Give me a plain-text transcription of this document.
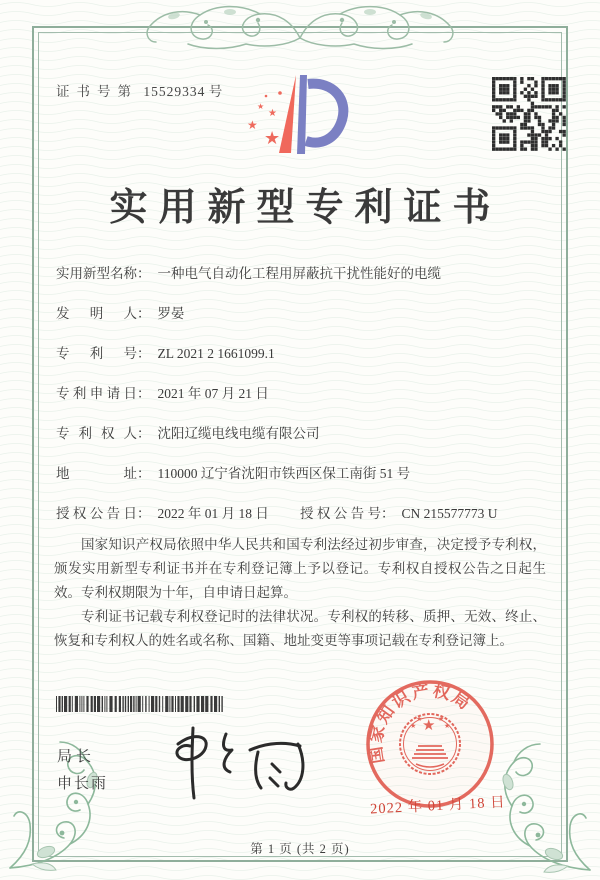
证书号第 15529334 号
★
★
★
★
实用新型专利证书
实用新型名称： 一种电气自动化工程用屏蔽抗干扰性能好的电缆
发明人： 罗晏
专利号： ZL 2021 2 1661099.1
专利申请日： 2021 年 07 月 21 日
专利权人： 沈阳辽缆电线电缆有限公司
地址： 110000 辽宁省沈阳市铁西区保工南街 51 号
授权公告日： 2022 年 01 月 18 日 授权公告号： CN 215577773 U

国家知识产权局依照中华人民共和国专利法经过初步审查，决定授予专利权，颁发实用新型专利证书并在专利登记簿上予以登记。专利权自授权公告之日起生效。专利权期限为十年，自申请日起算。

专利证书记载专利权登记时的法律状况。专利权的转移、质押、无效、终止、恢复和专利权人的姓名或名称、国籍、地址变更等事项记载在专利登记簿上。

局长
申长雨
国家知识产权局
★
★
★ ★
★
2022 年 01 月 18 日
第 1 页 (共 2 页)
